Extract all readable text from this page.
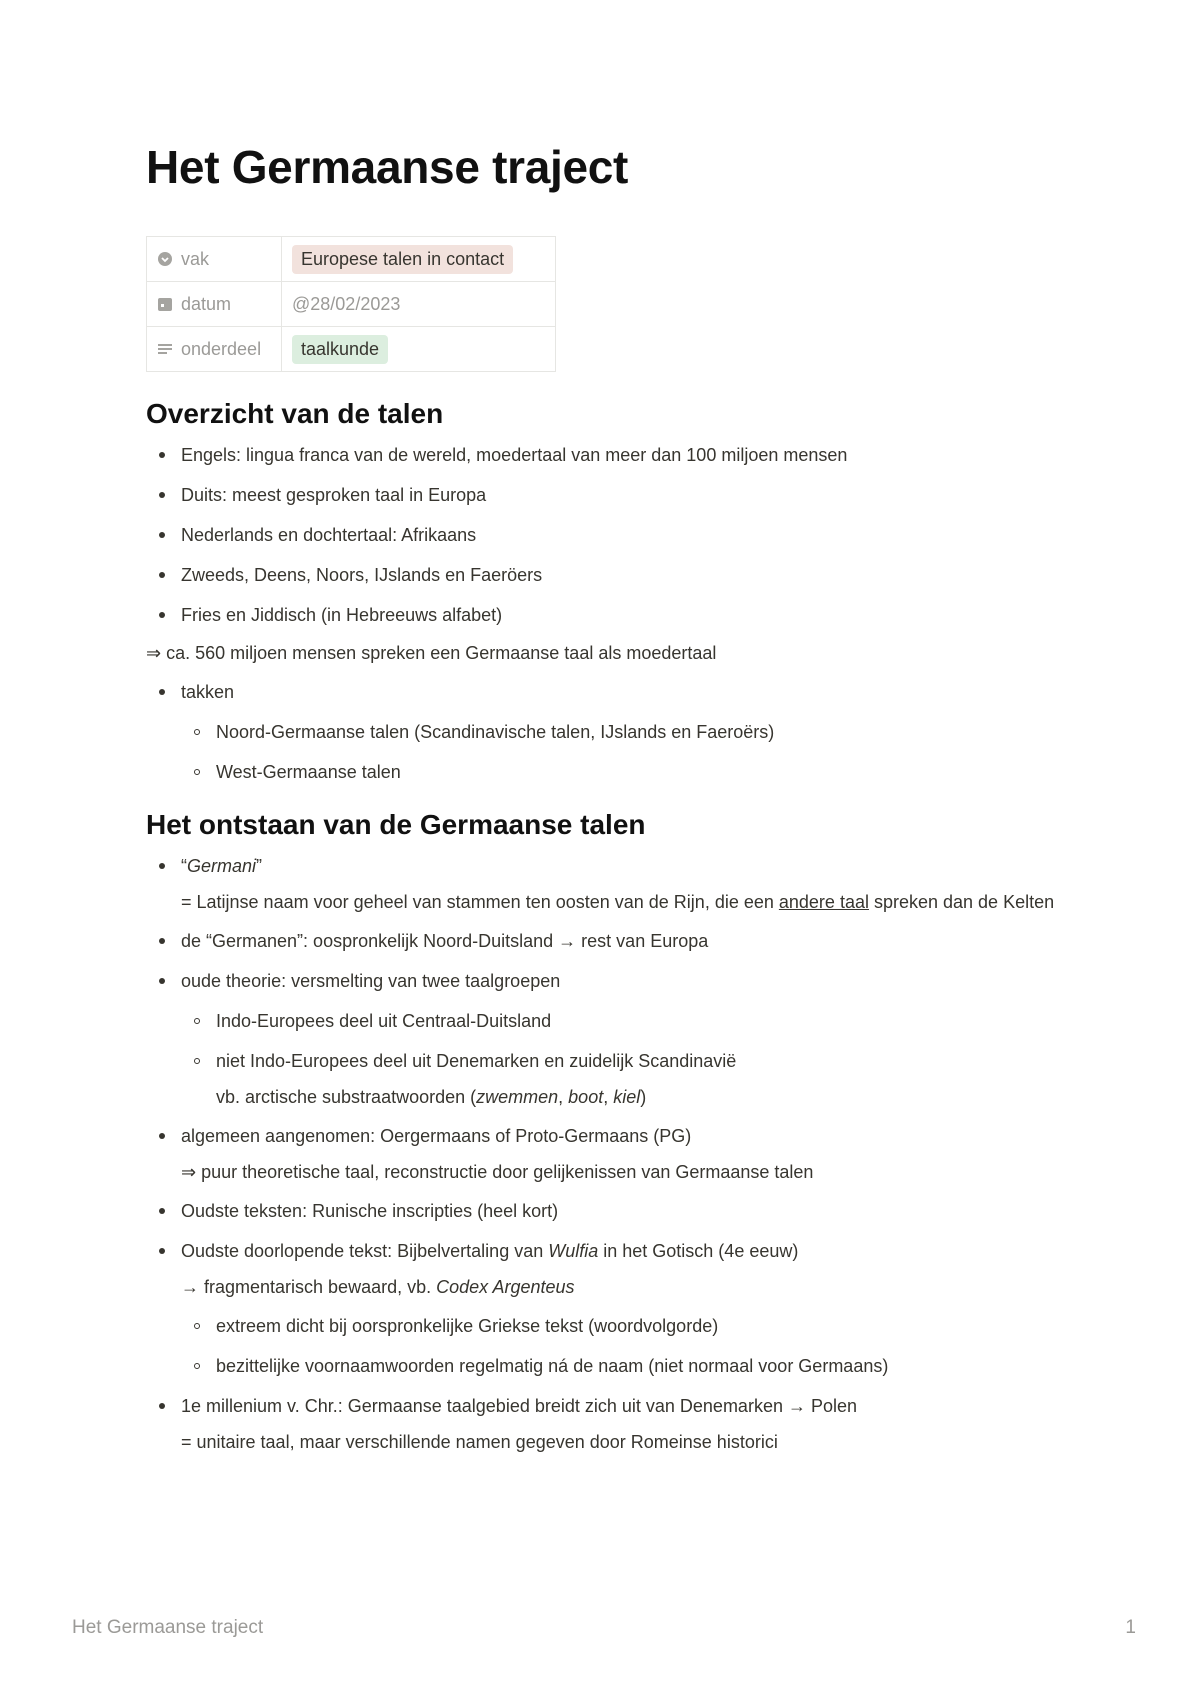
Het Germaanse traject
vak	Europese talen in contact

datum	@28/02/2023

onderdeel	taalkunde
Overzicht van de talen
Engels: lingua franca van de wereld, moedertaal van meer dan 100 miljoen mensen
Duits: meest gesproken taal in Europa
Nederlands en dochtertaal: Afrikaans
Zweeds, Deens, Noors, IJslands en Faeröers
Fries en Jiddisch (in Hebreeuws alfabet)
⇒ ca. 560 miljoen mensen spreken een Germaanse taal als moedertaal
takken
Noord-Germaanse talen (Scandinavische talen, IJslands en Faeroërs)
West-Germaanse talen
Het ontstaan van de Germaanse talen
“Germani”
= Latijnse naam voor geheel van stammen ten oosten van de Rijn, die een andere taal spreken dan de Kelten
de “Germanen”: oospronkelijk Noord-Duitsland → rest van Europa
oude theorie: versmelting van twee taalgroepen
Indo-Europees deel uit Centraal-Duitsland
niet Indo-Europees deel uit Denemarken en zuidelijk Scandinavië
vb. arctische substraatwoorden (zwemmen, boot, kiel)
algemeen aangenomen: Oergermaans of Proto-Germaans (PG)
⇒ puur theoretische taal, reconstructie door gelijkenissen van Germaanse talen
Oudste teksten: Runische inscripties (heel kort)
Oudste doorlopende tekst: Bijbelvertaling van Wulfia in het Gotisch (4e eeuw)
→ fragmentarisch bewaard, vb. Codex Argenteus
extreem dicht bij oorspronkelijke Griekse tekst (woordvolgorde)
bezittelijke voornaamwoorden regelmatig ná de naam (niet normaal voor Germaans)
1e millenium v. Chr.: Germaanse taalgebied breidt zich uit van Denemarken → Polen
= unitaire taal, maar verschillende namen gegeven door Romeinse historici
Het Germaanse traject	1
